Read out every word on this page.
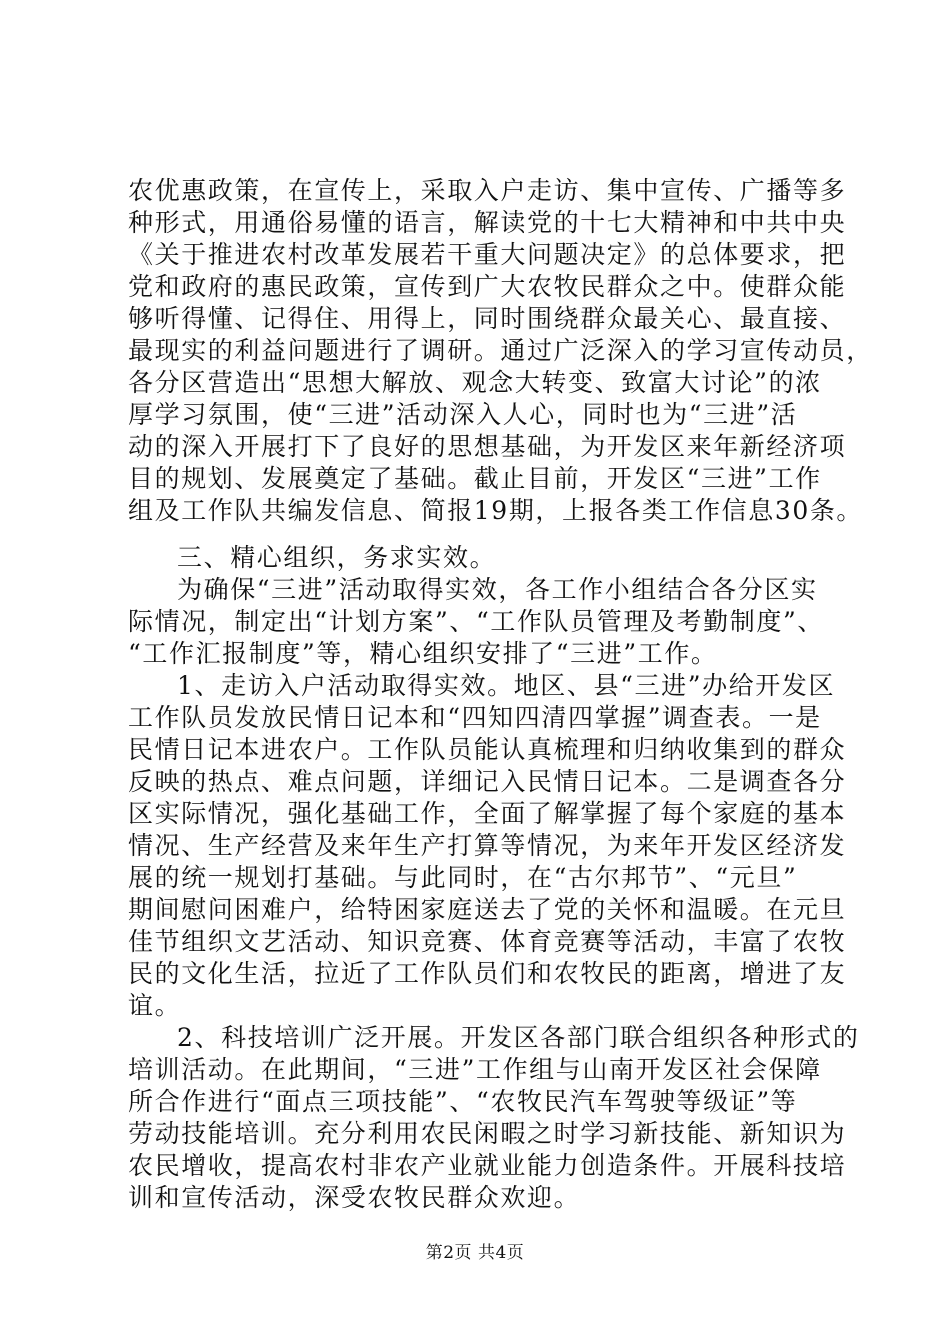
农优惠政策，在宣传上，采取入户走访、集中宣传、广播等多
种形式，用通俗易懂的语言，解读党的十七大精神和中共中央
《关于推进农村改革发展若干重大问题决定》的总体要求，把
党和政府的惠民政策，宣传到广大农牧民群众之中。使群众能
够听得懂、记得住、用得上，同时围绕群众最关心、最直接、
最现实的利益问题进行了调研。通过广泛深入的学习宣传动员，
各分区营造出“思想大解放、观念大转变、致富大讨论”的浓
厚学习氛围，使“三进”活动深入人心，同时也为“三进”活
动的深入开展打下了良好的思想基础，为开发区来年新经济项
目的规划、发展奠定了基础。截止目前，开发区“三进”工作
组及工作队共编发信息、简报19期，上报各类工作信息30条。
三、精心组织，务求实效。
为确保“三进”活动取得实效，各工作小组结合各分区实
际情况，制定出“计划方案”、“工作队员管理及考勤制度”、
“工作汇报制度”等，精心组织安排了“三进”工作。
1、走访入户活动取得实效。地区、县“三进”办给开发区
工作队员发放民情日记本和“四知四清四掌握”调查表。一是
民情日记本进农户。工作队员能认真梳理和归纳收集到的群众
反映的热点、难点问题，详细记入民情日记本。二是调查各分
区实际情况，强化基础工作，全面了解掌握了每个家庭的基本
情况、生产经营及来年生产打算等情况，为来年开发区经济发
展的统一规划打基础。与此同时，在“古尔邦节”、“元旦”
期间慰问困难户，给特困家庭送去了党的关怀和温暖。在元旦
佳节组织文艺活动、知识竞赛、体育竞赛等活动，丰富了农牧
民的文化生活，拉近了工作队员们和农牧民的距离，增进了友
谊。
2、科技培训广泛开展。开发区各部门联合组织各种形式的
培训活动。在此期间，“三进”工作组与山南开发区社会保障
所合作进行“面点三项技能”、“农牧民汽车驾驶等级证”等
劳动技能培训。充分利用农民闲暇之时学习新技能、新知识为
农民增收，提高农村非农产业就业能力创造条件。开展科技培
训和宣传活动，深受农牧民群众欢迎。
第2页 共4页
